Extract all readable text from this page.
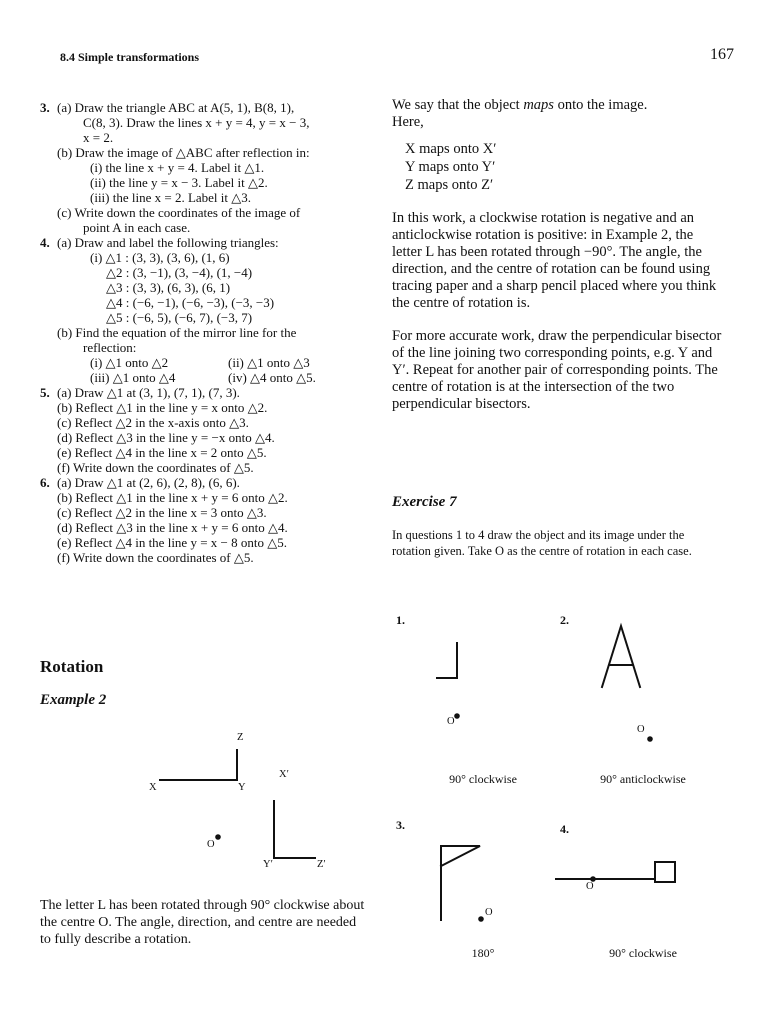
8.4 Simple transformations	167
3. (a) Draw the triangle ABC at A(5, 1), B(8, 1),
C(8, 3). Draw the lines x + y = 4, y = x − 3,
x = 2.
(b) Draw the image of △ABC after reflection in:
(i) the line x + y = 4. Label it △1.
(ii) the line y = x − 3. Label it △2.
(iii) the line x = 2. Label it △3.
(c) Write down the coordinates of the image of
point A in each case.
4. (a) Draw and label the following triangles:
(i) △1 : (3, 3), (3, 6), (1, 6)
△2 : (3, −1), (3, −4), (1, −4)
△3 : (3, 3), (6, 3), (6, 1)
△4 : (−6, −1), (−6, −3), (−3, −3)
△5 : (−6, 5), (−6, 7), (−3, 7)
(b) Find the equation of the mirror line for the
reflection:
(i) △1 onto △2	(ii) △1 onto △3
(iii) △1 onto △4	(iv) △4 onto △5.
5. (a) Draw △1 at (3, 1), (7, 1), (7, 3).
(b) Reflect △1 in the line y = x onto △2.
(c) Reflect △2 in the x-axis onto △3.
(d) Reflect △3 in the line y = −x onto △4.
(e) Reflect △4 in the line x = 2 onto △5.
(f) Write down the coordinates of △5.
6. (a) Draw △1 at (2, 6), (2, 8), (6, 6).
(b) Reflect △1 in the line x + y = 6 onto △2.
(c) Reflect △2 in the line x = 3 onto △3.
(d) Reflect △3 in the line x + y = 6 onto △4.
(e) Reflect △4 in the line y = x − 8 onto △5.
(f) Write down the coordinates of △5.
We say that the object maps onto the image.
Here,
X maps onto X′
Y maps onto Y′
Z maps onto Z′
In this work, a clockwise rotation is negative and an anticlockwise rotation is positive: in Example 2, the letter L has been rotated through −90°. The angle, the direction, and the centre of rotation can be found using tracing paper and a sharp pencil placed where you think the centre of rotation is.
For more accurate work, draw the perpendicular bisector of the line joining two corresponding points, e.g. Y and Y′. Repeat for another pair of corresponding points. The centre of rotation is at the intersection of the two perpendicular bisectors.
Exercise 7
In questions 1 to 4 draw the object and its image under the rotation given. Take O as the centre of rotation in each case.
Rotation
Example 2
Z
X	Y
X′
O
Y′	Z′
1.	2.
3.	4.
O
O
O
O
90° clockwise	90° anticlockwise
180°	90° clockwise
The letter L has been rotated through 90° clockwise about the centre O. The angle, direction, and centre are needed to fully describe a rotation.
